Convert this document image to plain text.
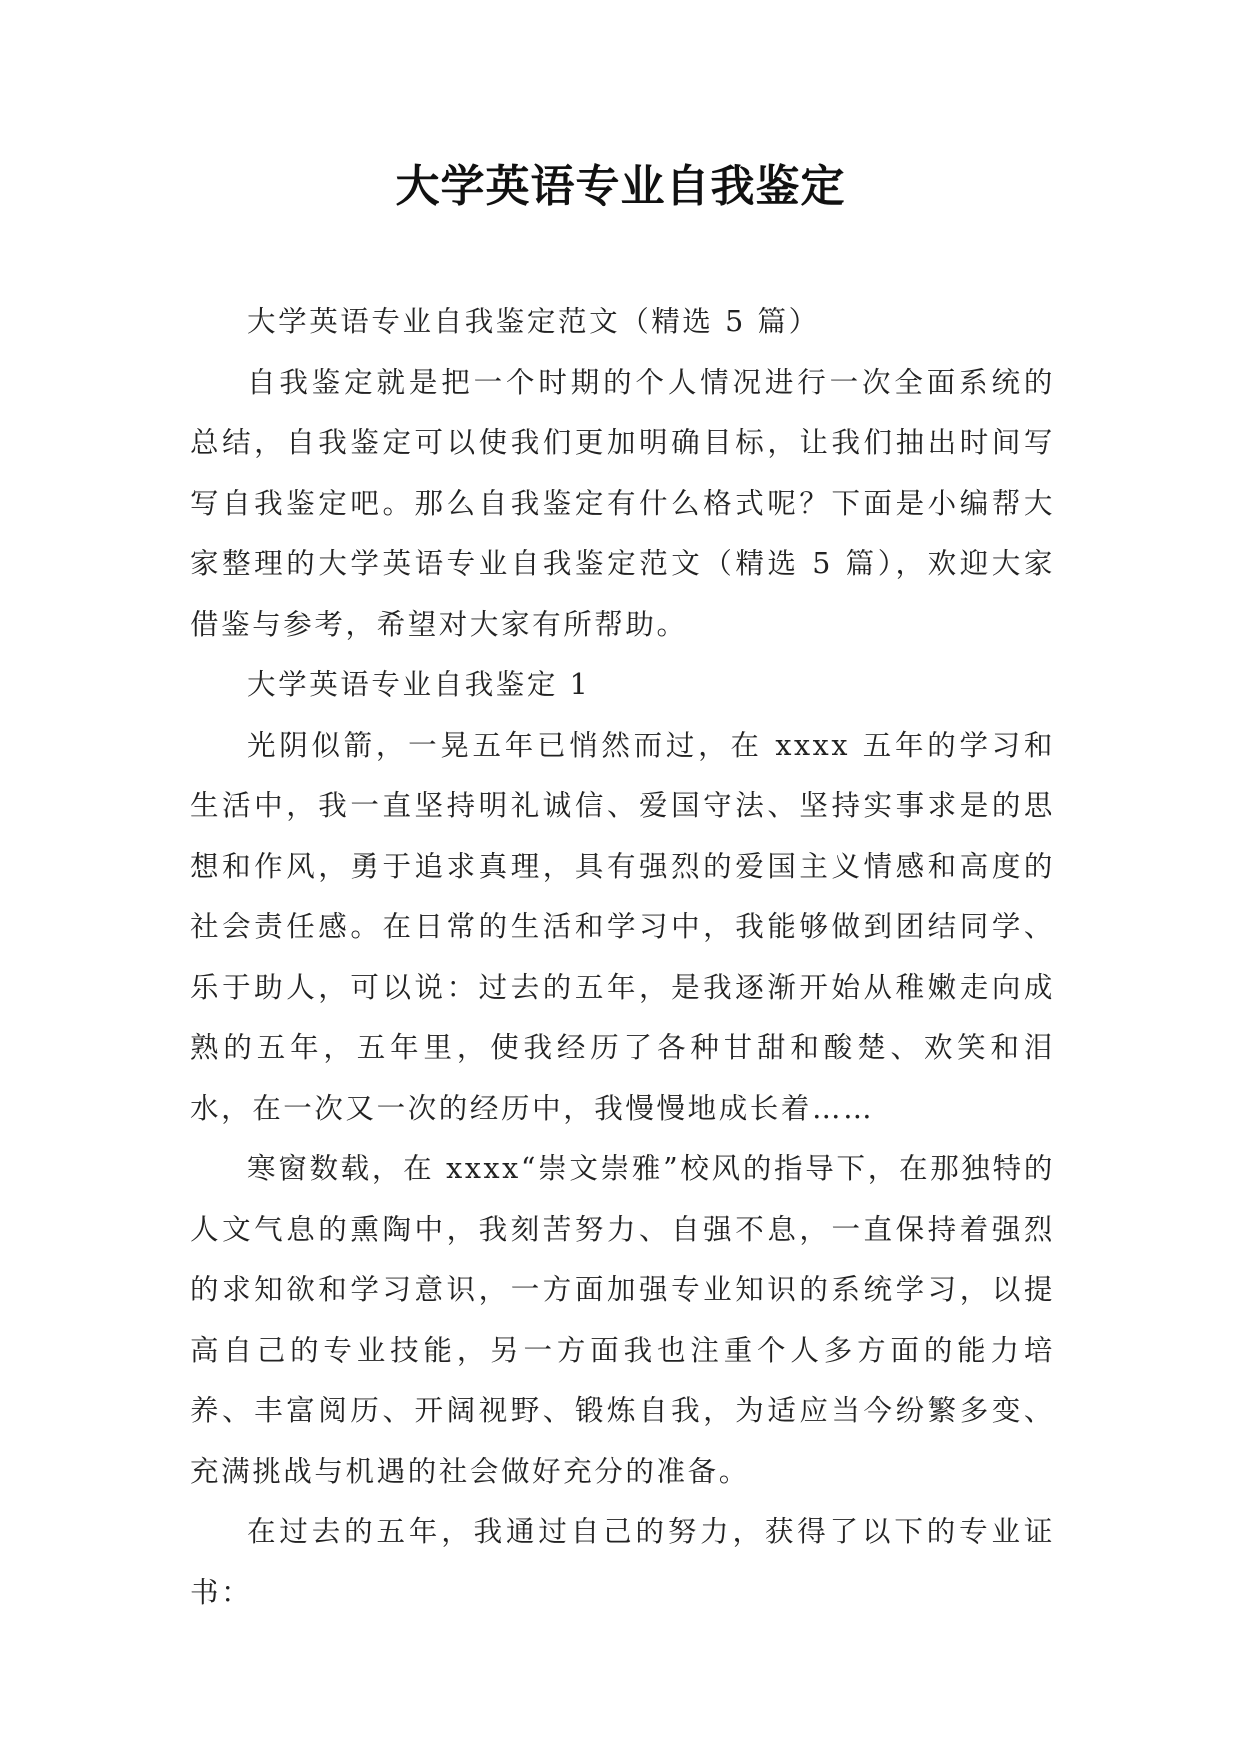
大学英语专业自我鉴定

大学英语专业自我鉴定范文（精选 5 篇）

自我鉴定就是把一个时期的个人情况进行一次全面系统的总结，自我鉴定可以使我们更加明确目标，让我们抽出时间写写自我鉴定吧。那么自我鉴定有什么格式呢？下面是小编帮大家整理的大学英语专业自我鉴定范文（精选 5 篇），欢迎大家借鉴与参考，希望对大家有所帮助。

大学英语专业自我鉴定 1

光阴似箭，一晃五年已悄然而过，在 xxxx 五年的学习和生活中，我一直坚持明礼诚信、爱国守法、坚持实事求是的思想和作风，勇于追求真理，具有强烈的爱国主义情感和高度的社会责任感。在日常的生活和学习中，我能够做到团结同学、乐于助人，可以说：过去的五年，是我逐渐开始从稚嫩走向成熟的五年，五年里，使我经历了各种甘甜和酸楚、欢笑和泪水，在一次又一次的经历中，我慢慢地成长着……

寒窗数载，在 xxxx“崇文崇雅”校风的指导下，在那独特的人文气息的熏陶中，我刻苦努力、自强不息，一直保持着强烈的求知欲和学习意识，一方面加强专业知识的系统学习，以提高自己的专业技能，另一方面我也注重个人多方面的能力培养、丰富阅历、开阔视野、锻炼自我，为适应当今纷繁多变、充满挑战与机遇的社会做好充分的准备。

在过去的五年，我通过自己的努力，获得了以下的专业证书：
